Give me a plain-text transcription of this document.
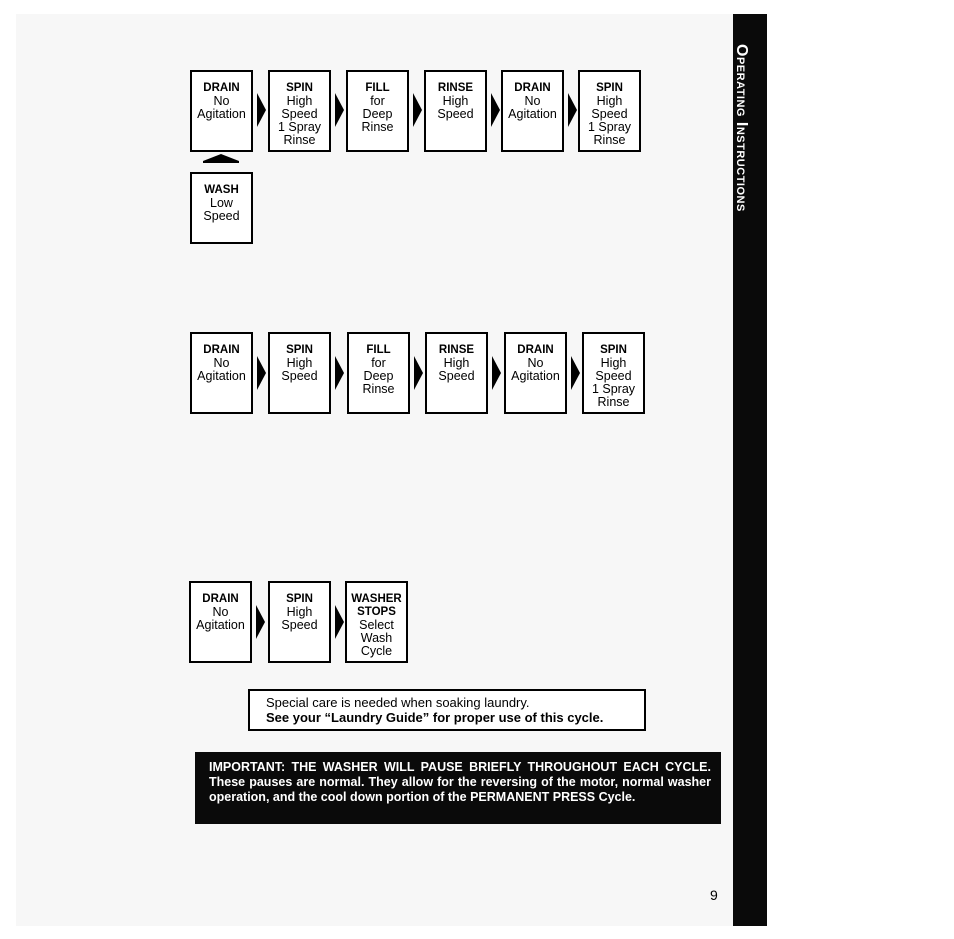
Operating Instructions
DRAIN
No
Agitation
SPIN
High
Speed
1 Spray
Rinse
FILL
for
Deep
Rinse
RINSE
High
Speed
DRAIN
No
Agitation
SPIN
High
Speed
1 Spray
Rinse
WASH
Low
Speed
DRAIN
No
Agitation
SPIN
High
Speed
FILL
for
Deep
Rinse
RINSE
High
Speed
DRAIN
No
Agitation
SPIN
High
Speed
1 Spray
Rinse
DRAIN
No
Agitation
SPIN
High
Speed
WASHER
STOPS
Select
Wash
Cycle
Special care is needed when soaking laundry.
See your “Laundry Guide” for proper use of this cycle.
IMPORTANT: THE WASHER WILL PAUSE BRIEFLY THROUGHOUT EACH CYCLE. These pauses are normal. They allow for the reversing of the motor, normal washer operation, and the cool down portion of the PERMANENT PRESS Cycle.
9
